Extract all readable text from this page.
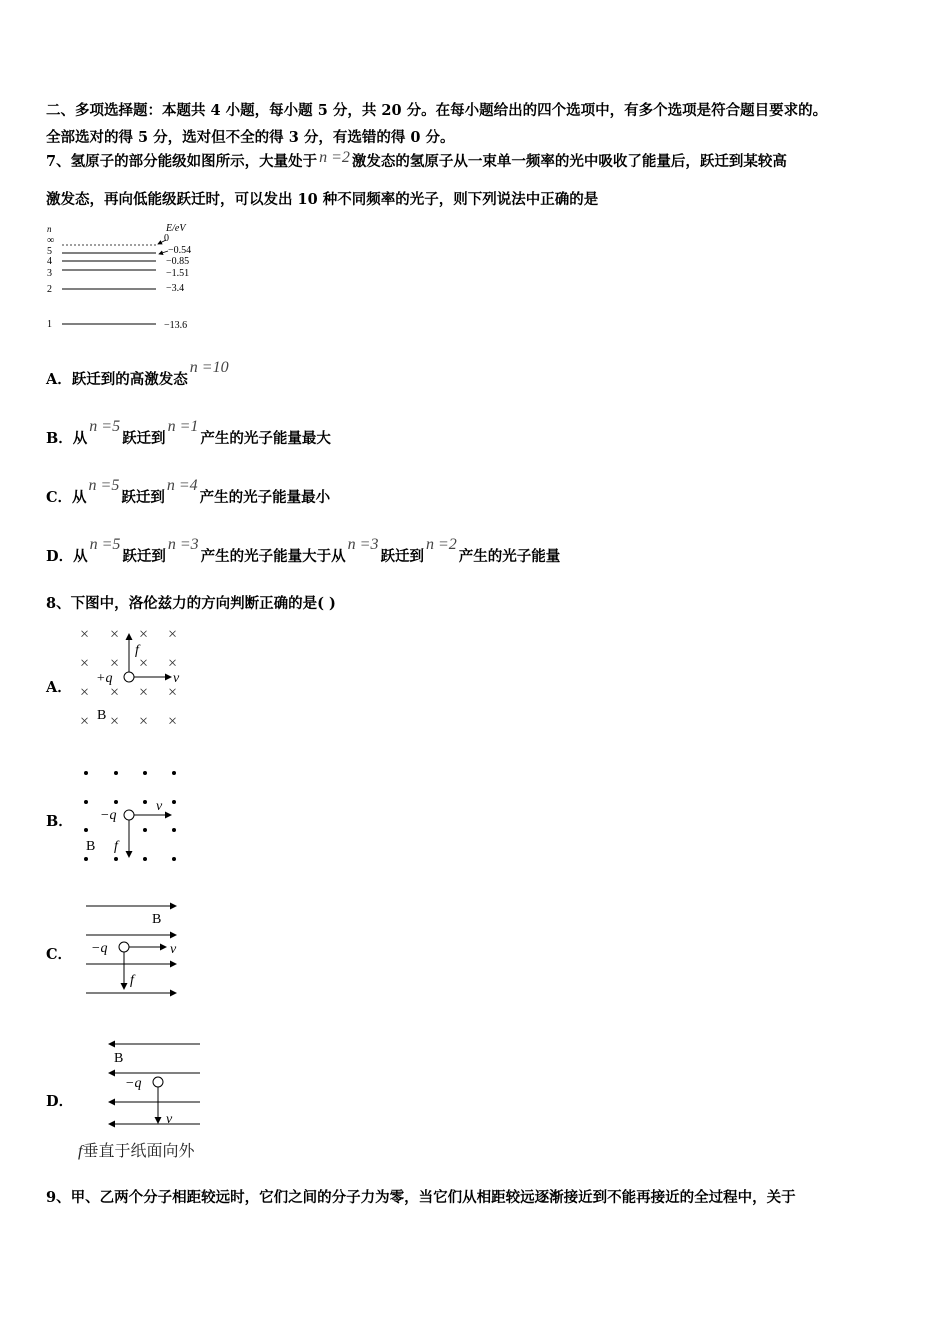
二、多项选择题：本题共 4 小题，每小题 5 分，共 20 分。在每小题给出的四个选项中，有多个选项是符合题目要求的。
全部选对的得 5 分，选对但不全的得 3 分，有选错的得 0 分。
7、氢原子的部分能级如图所示，大量处于 n =2 激发态的氢原子从一束单一频率的光中吸收了能量后，跃迁到某较高
激发态，再向低能级跃迁时，可以发出 10 种不同频率的光子，则下列说法中正确的是
n	E/eV
∞	0
5	−0.54
4	−0.85
3	−1.51
2	−3.4
1	−13.6
A．跃迁到的高激发态n =10
B．从n =5跃迁到n =1产生的光子能量最大
C．从n =5跃迁到n =4产生的光子能量最小
D．从n =5跃迁到n =3产生的光子能量大于从n =3跃迁到n =2产生的光子能量
8、下图中，洛伦兹力的方向判断正确的是( )
A．
× × × ×
× × × ×
× × × ×
× × × ×
+q
f
v
B
B． −q
v
f
B
C．
B
−q	v
f
D．
B
−q
v
f垂直于纸面向外
9、甲、乙两个分子相距较远时，它们之间的分子力为零，当它们从相距较远逐渐接近到不能再接近的全过程中，关于
